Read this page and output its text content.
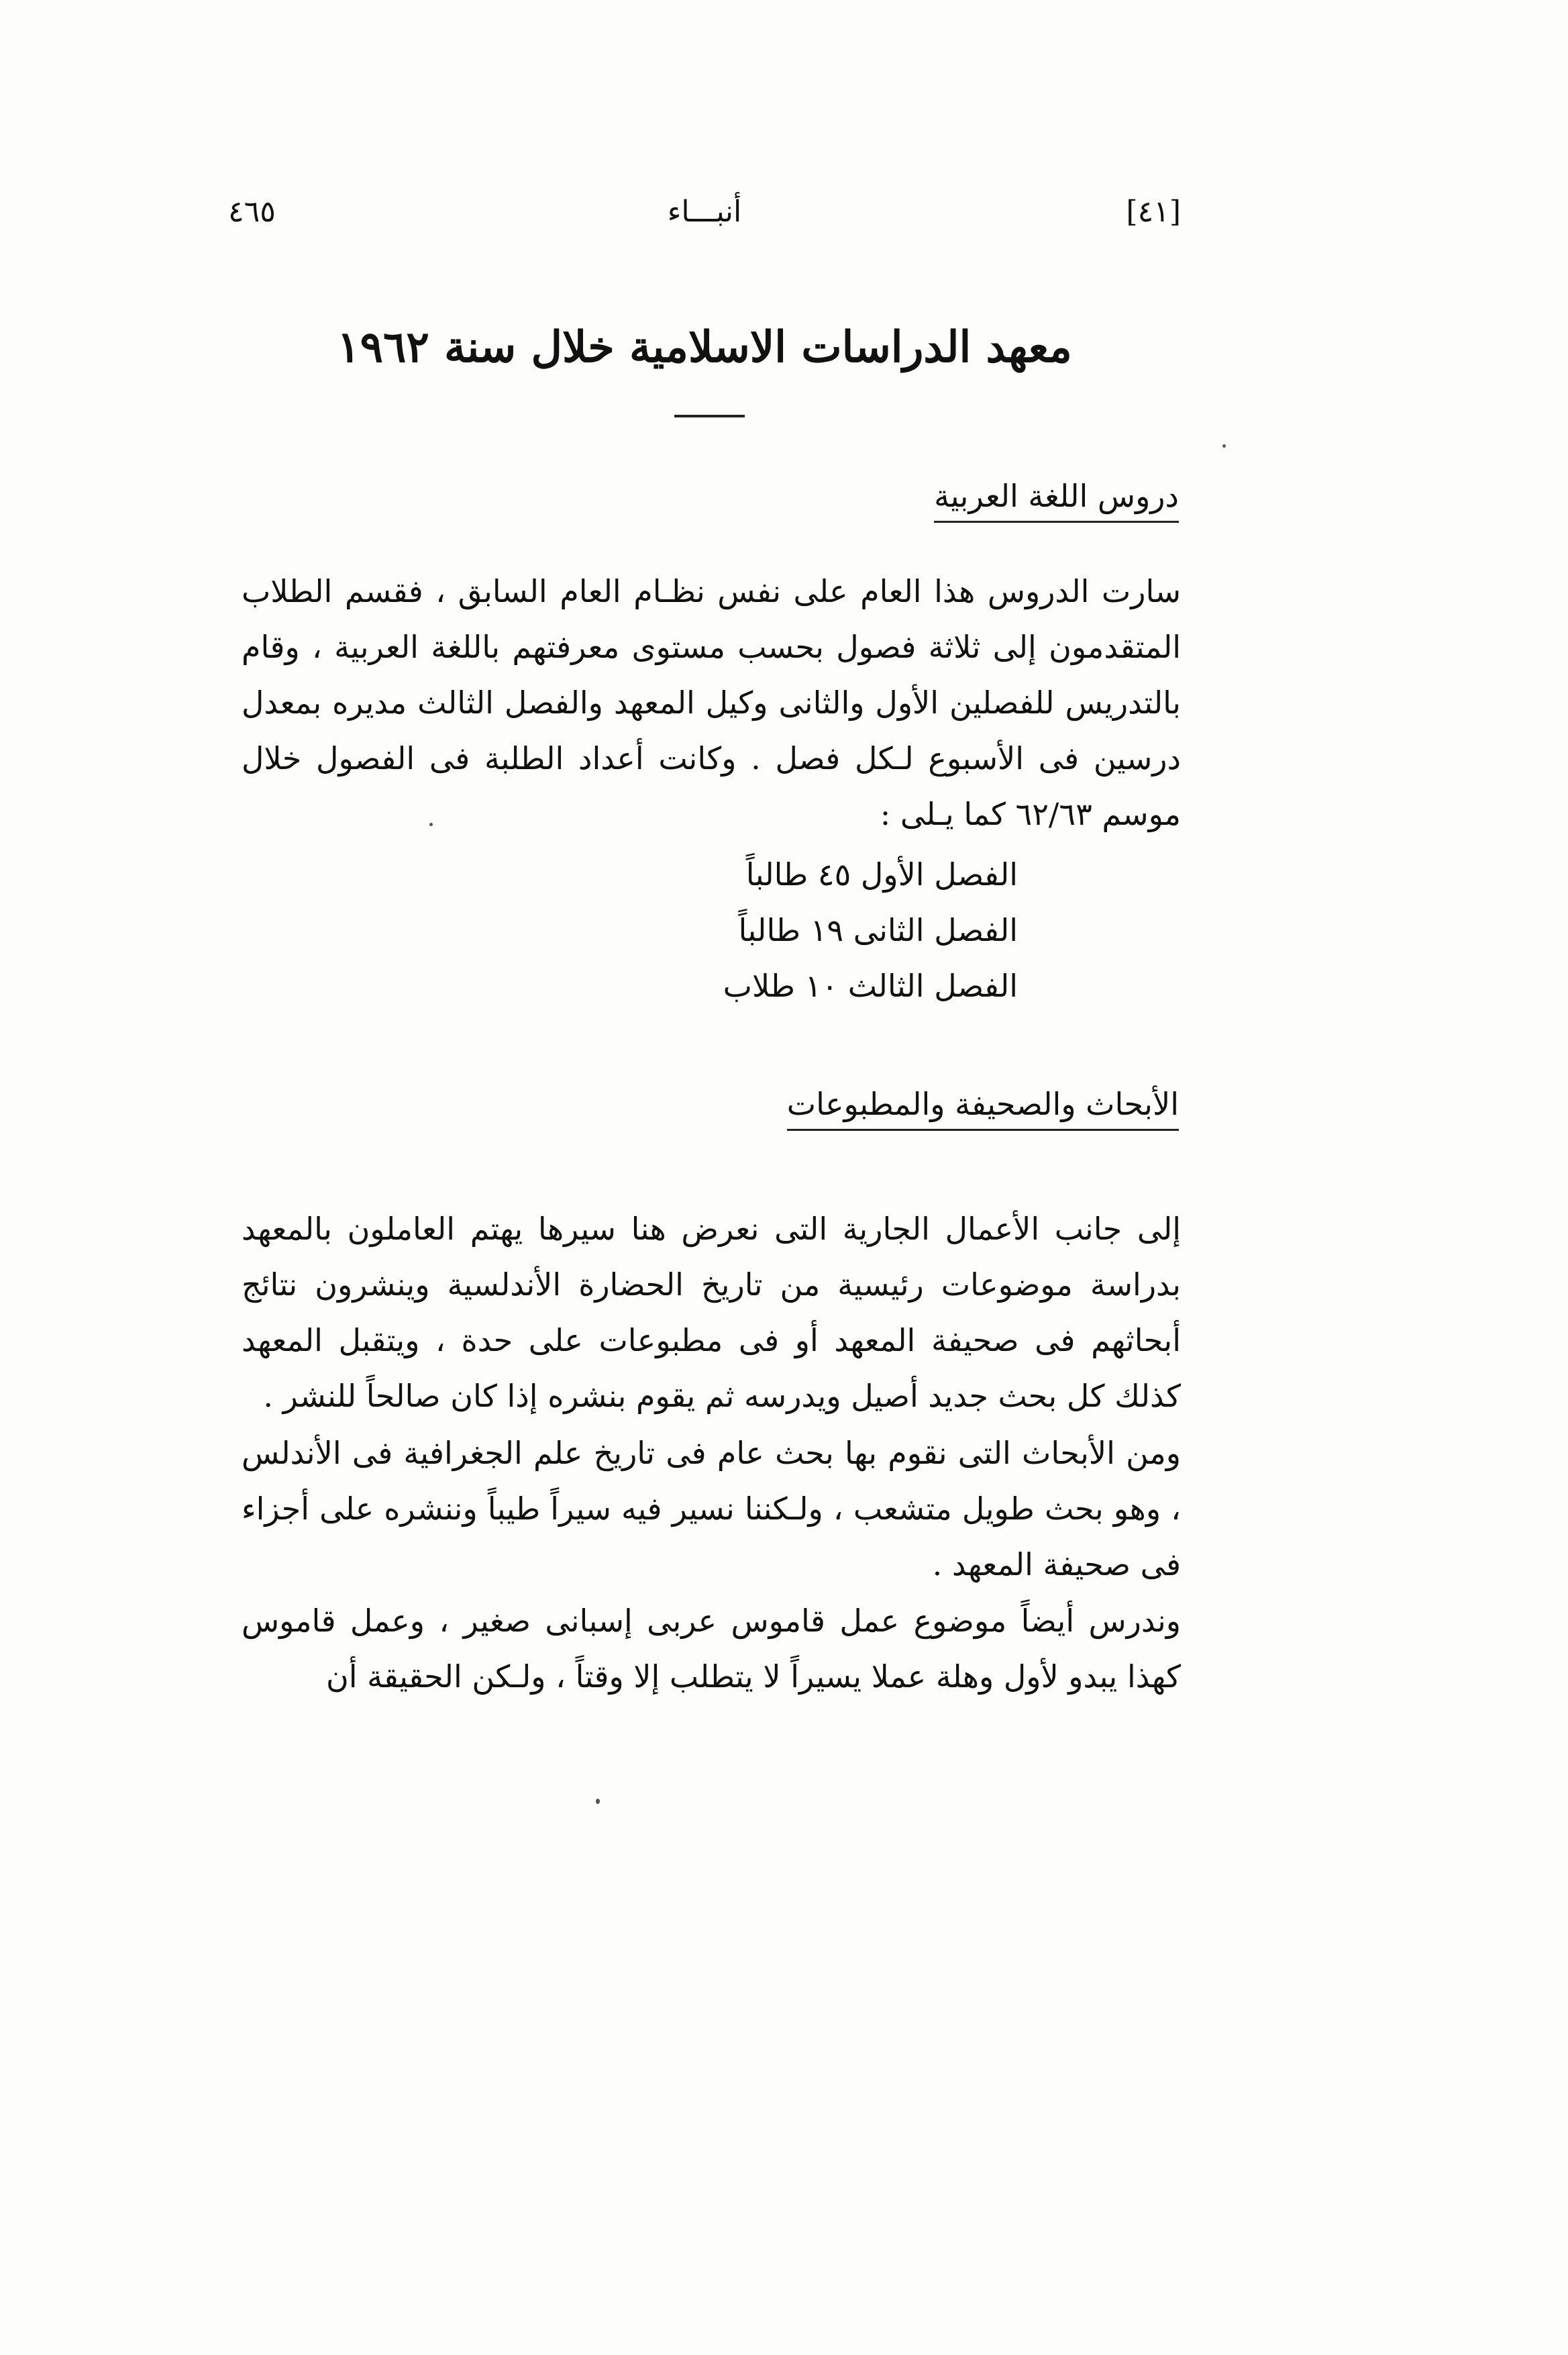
[٤١]
أنبـــاء
٤٦٥
معهد الدراسات الاسلامية خلال سنة ١٩٦٢
دروس اللغة العربية

سارت الدروس هذا العام على نفس نظـام العام السابق ، فقسم الطلاب المتقدمون إلى ثلاثة فصول بحسب مستوى معرفتهم باللغة العربية ، وقام بالتدريس للفصلين الأول والثانى وكيل المعهد والفصل الثالث مديره بمعدل درسين فى الأسبوع لـكل فصل . وكانت أعداد الطلبة فى الفصول خلال موسم ٦٢/٦٣ كما يـلى :

الفصل الأول ٤٥ طالباً
الفصل الثانى ١٩ طالباً
الفصل الثالث ١٠ طلاب
الأبحاث والصحيفة والمطبوعات

إلى جانب الأعمال الجارية التى نعرض هنا سيرها يهتم العاملون بالمعهد بدراسة موضوعات رئيسية من تاريخ الحضارة الأندلسية وينشرون نتائج أبحاثهم فى صحيفة المعهد أو فى مطبوعات على حدة ، ويتقبل المعهد كذلك كل بحث جديد أصيل ويدرسه ثم يقوم بنشره إذا كان صالحاً للنشر .

ومن الأبحاث التى نقوم بها بحث عام فى تاريخ علم الجغرافية فى الأندلس ، وهو بحث طويل متشعب ، ولـكننا نسير فيه سيراً طيباً وننشره على أجزاء فى صحيفة المعهد .

وندرس أيضاً موضوع عمل قاموس عربى إسبانى صغير ، وعمل قاموس كهذا يبدو لأول وهلة عملا يسيراً لا يتطلب إلا وقتاً ، ولـكن الحقيقة أن
